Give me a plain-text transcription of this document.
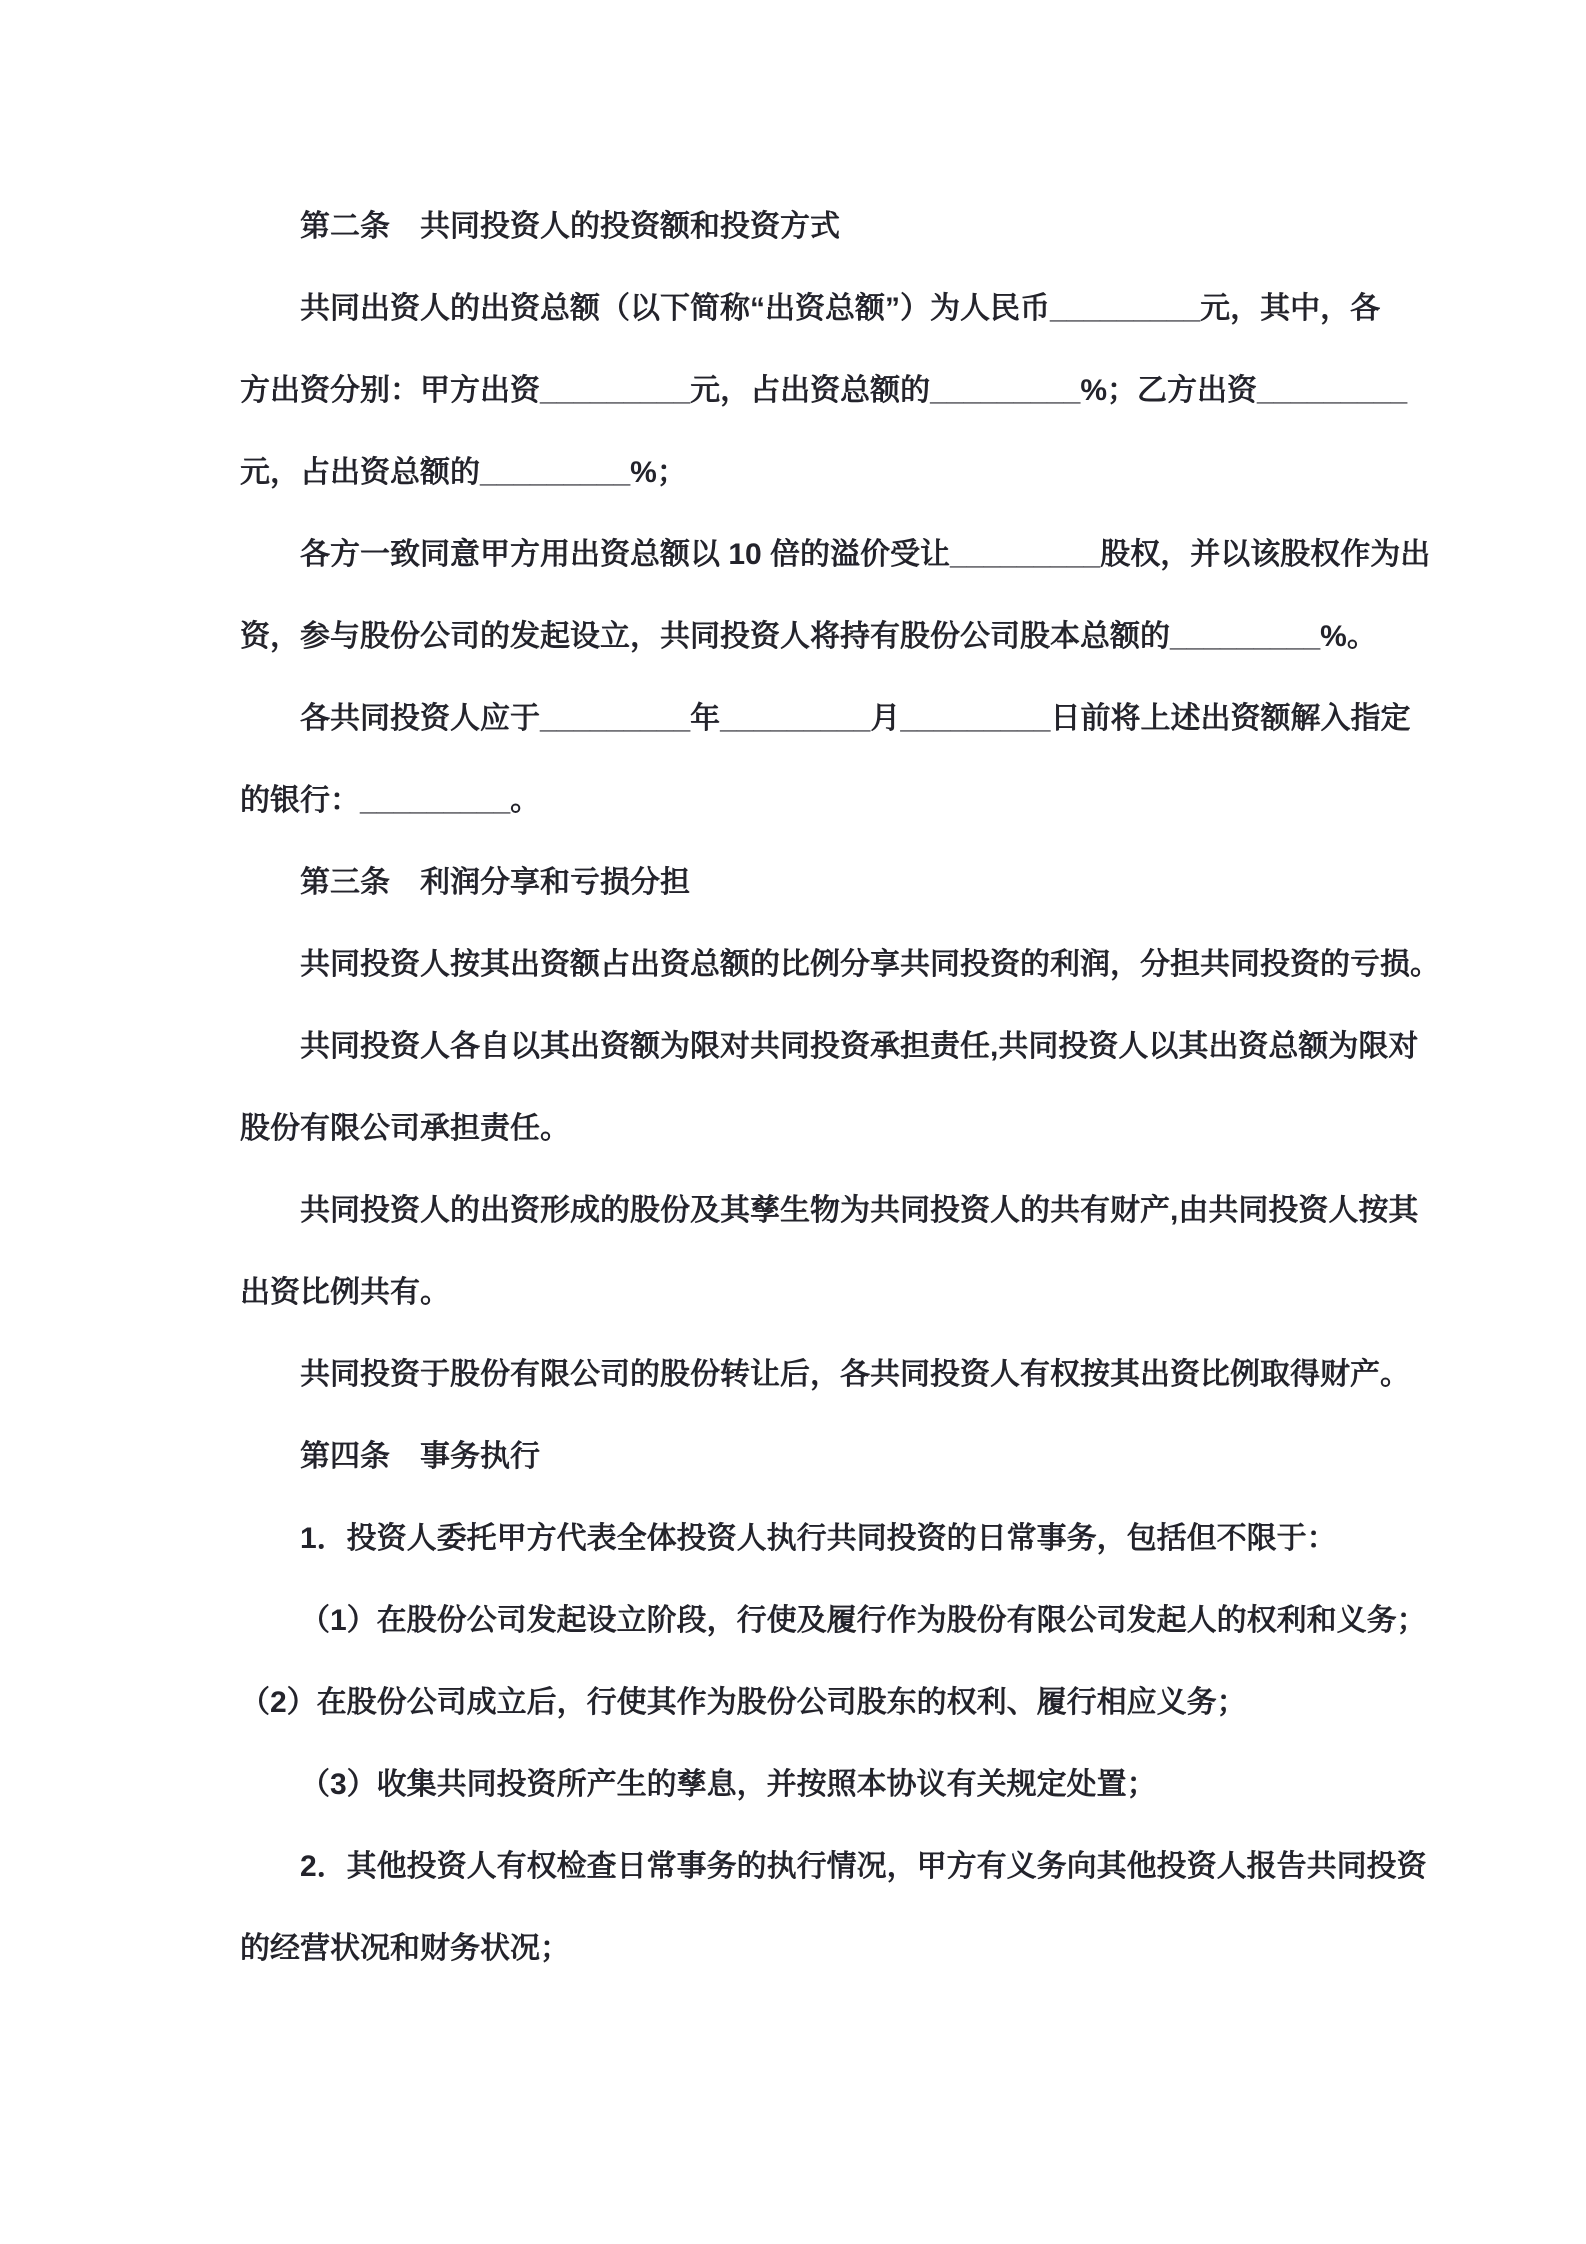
第二条　共同投资人的投资额和投资方式

共同出资人的出资总额（以下简称“出资总额”）为人民币_________元，其中，各

方出资分别：甲方出资_________元，占出资总额的_________%；乙方出资_________

元，占出资总额的_________%；

各方一致同意甲方用出资总额以 10 倍的溢价受让_________股权，并以该股权作为出

资，参与股份公司的发起设立，共同投资人将持有股份公司股本总额的_________%。

各共同投资人应于_________年_________月_________日前将上述出资额解入指定

的银行：_________。

第三条　利润分享和亏损分担

共同投资人按其出资额占出资总额的比例分享共同投资的利润，分担共同投资的亏损。

共同投资人各自以其出资额为限对共同投资承担责任,共同投资人以其出资总额为限对

股份有限公司承担责任。

共同投资人的出资形成的股份及其孳生物为共同投资人的共有财产,由共同投资人按其

出资比例共有。

共同投资于股份有限公司的股份转让后，各共同投资人有权按其出资比例取得财产。

第四条　事务执行

1．投资人委托甲方代表全体投资人执行共同投资的日常事务，包括但不限于：

（1）在股份公司发起设立阶段，行使及履行作为股份有限公司发起人的权利和义务；

（2）在股份公司成立后，行使其作为股份公司股东的权利、履行相应义务；

（3）收集共同投资所产生的孳息，并按照本协议有关规定处置；

2．其他投资人有权检查日常事务的执行情况，甲方有义务向其他投资人报告共同投资

的经营状况和财务状况；
